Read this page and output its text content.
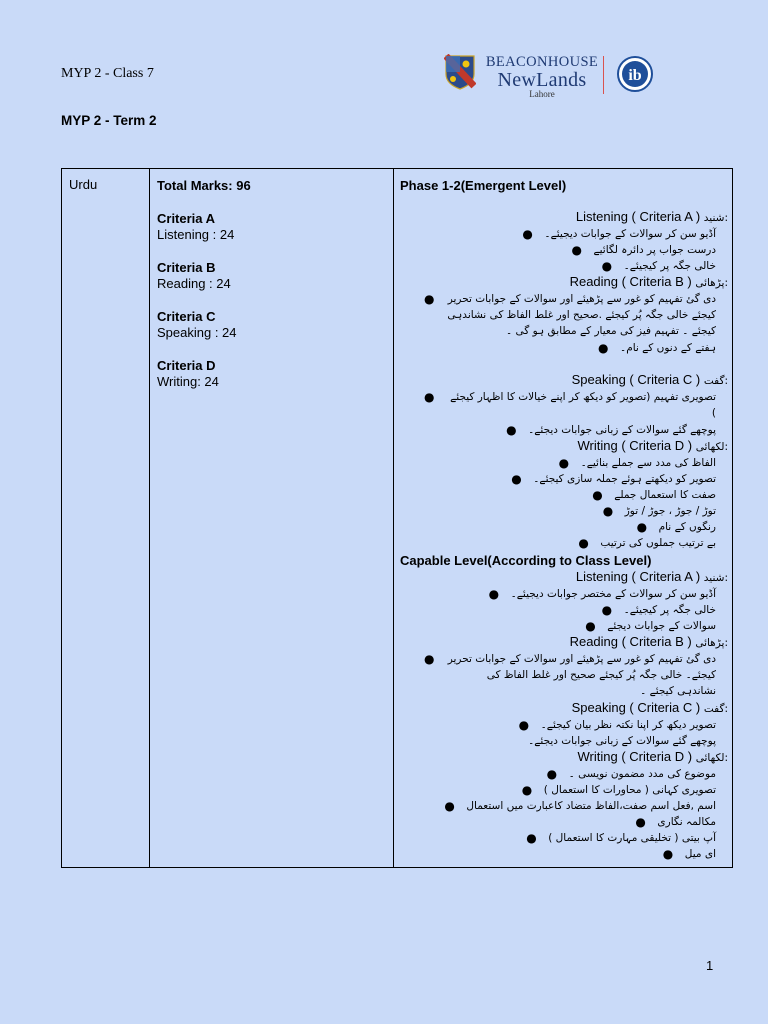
MYP 2 - Class 7
BEACONHOUSE
NewLands
Lahore
ib
MYP 2 - Term 2
Urdu	Total Marks: 96
Criteria A
Listening : 24
Criteria B
Reading : 24
Criteria C
Speaking : 24
Criteria D
Writing: 24
Phase 1-2(Emergent Level)
Listening ( Criteria A ) شنید:
● آڈیو سن کر سوالات کے جوابات دیجیئے۔
● درست جواب پر دائرہ لگائیے
● خالی جگہ پر کیجیئے۔
Reading ( Criteria B ) پڑھائی:
● دی گئ تفہیم کو غور سے پڑھیئے اور سوالات کے جوابات تحریر کیجئے خالی جگہ پُر کیجئے .صحیح اور غلط الفاظ کی نشاندہی کیجئے ۔ تفہیم فیز کی معیار کے مطابق ہو گی ۔
● ہفتے کے دنوں کے نام۔
Speaking ( Criteria C ) گفت:
● تصویری تفہیم (تصویر کو دیکھ کر اپنے خیالات کا اظہار کیجئے )
● پوچھے گئے سوالات کے زبانی جوابات دیجئے۔
Writing ( Criteria D ) لکھائی:
● الفاظ کی مدد سے جملے بنائیے۔
● تصویر کو دیکھتے ہوئے جملہ سازی کیجئے۔
● صفت کا استعمال جملے
● توڑ / جوڑ ، جوڑ / توڑ
● رنگوں کے نام
● بے ترتیب جملوں کی ترتیب
Capable Level(According to Class Level)
Listening ( Criteria A ) شنید:
● آڈیو سن کر سوالات کے مختصر جوابات دیجیئے۔
● خالی جگہ پر کیجیئے۔
● سوالات کے جوابات دیجئے
Reading ( Criteria B ) پڑھائی:
● دی گئ تفہیم کو غور سے پڑھیئے اور سوالات کے جوابات تحریر کیجئے۔ خالی جگہ پُر کیجئے صحیح اور غلط الفاظ کی نشاندہی کیجئے ۔
Speaking ( Criteria C ) گفت:
● تصویر دیکھ کر اپنا نکتہ نظر بیان کیجئے۔
پوچھے گئے سوالات کے زبانی جوابات دیجئے۔
Writing ( Criteria D ) لکھائی:
● موضوع کی مدد مضمون نویسی ۔
● تصویری کہانی ( محاورات کا استعمال )
● اسم ,فعل اسم صفت،الفاظ متضاد کاعبارت میں استعمال
● مکالمہ نگاری
● آپ بیتی ( تخلیقی مہارت کا استعمال )
● ای میل
1
